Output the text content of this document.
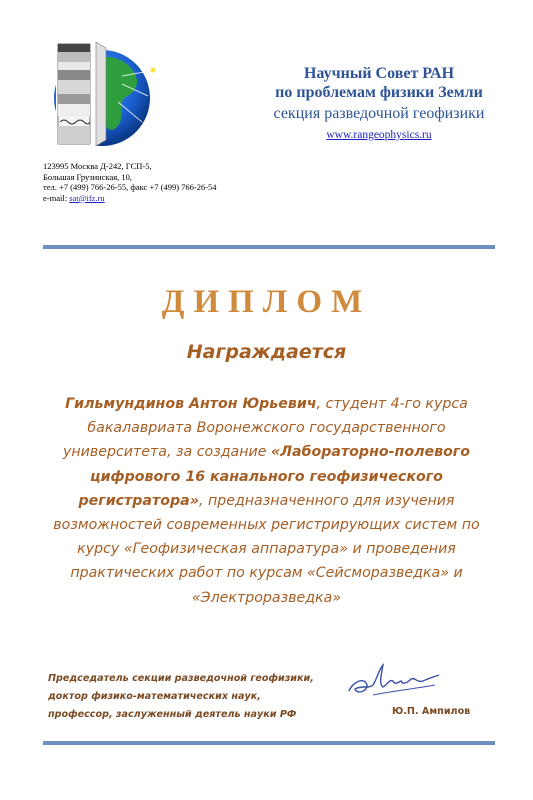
Научный Совет РАН
по проблемам физики Земли
секция разведочной геофизики
www.rangeophysics.ru
123995 Москва Д-242, ГСП-5,
Большая Грузинская, 10,
тел. +7 (499) 766-26-55, факс +7 (499) 766-26-54
e-mail: sat@ifz.ru
ДИПЛОМ
Награждается
Гильмундинов Антон Юрьевич, студент 4-го курса бакалавриата Воронежского государственного университета, за создание «Лабораторно-полевого цифрового 16 канального геофизического регистратора», предназначенного для изучения возможностей современных регистрирующих систем по курсу «Геофизическая аппаратура» и проведения практических работ по курсам «Сейсморазведка» и «Электроразведка»
Председатель секции разведочной геофизики,
доктор физико-математических наук,
профессор, заслуженный деятель науки РФ	Ю.П. Ампилов
